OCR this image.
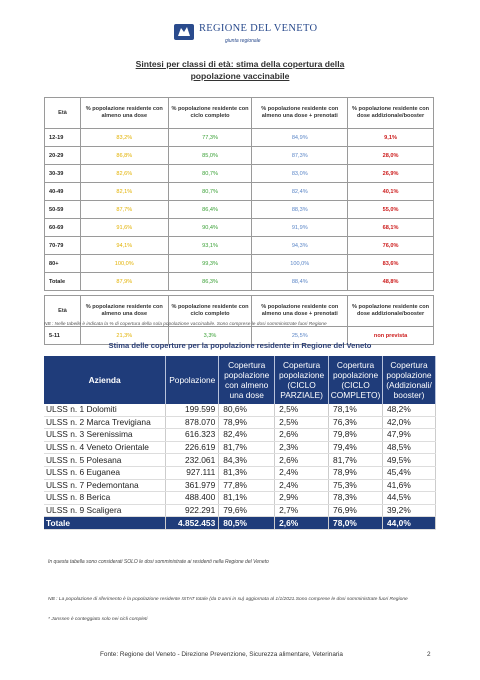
REGIONE DEL VENETO
giunta regionale
Sintesi per classi di età: stima della copertura della
popolazione vaccinabile
Età	% popolazione residente con almeno una dose	% popolazione residente con ciclo completo	% popolazione residente con almeno una dose + prenotati	% popolazione residente con dose addizionale/booster
12-19	83,2%	77,3%	84,9%	9,1%
20-29	86,8%	85,0%	87,3%	28,0%
30-39	82,6%	80,7%	83,0%	26,9%
40-49	82,1%	80,7%	82,4%	40,1%
50-59	87,7%	86,4%	88,3%	55,0%
60-69	91,6%	90,4%	91,9%	68,1%
70-79	94,1%	93,1%	94,3%	76,0%
80+	100,0%	99,3%	100,0%	83,6%
Totale	87,9%	86,3%	88,4%	48,8%

Età	% popolazione residente con almeno una dose	% popolazione residente con ciclo completo	% popolazione residente con almeno una dose + prenotati	% popolazione residente con dose addizionale/booster
5-11	21,3%	3,3%	25,5%	non prevista
NB : Nelle tabelle è indicata la % di copertura della sola popolazione vaccinabile. Sono comprese le dosi somministrate fuori Regione
Stima delle coperture per la popolazione residente in Regione del Veneto
Azienda	Popolazione	Copertura popolazione con almeno una dose	Copertura popolazione (CICLO PARZIALE)	Copertura popolazione (CICLO COMPLETO)	Copertura popolazione (Addizionali/ booster)
ULSS n. 1 Dolomiti	199.599	80,6%	2,5%	78,1%	48,2%
ULSS n. 2 Marca Trevigiana	878.070	78,9%	2,5%	76,3%	42,0%
ULSS n. 3 Serenissima	616.323	82,4%	2,6%	79,8%	47,9%
ULSS n. 4 Veneto Orientale	226.619	81,7%	2,3%	79,4%	48,5%
ULSS n. 5 Polesana	232.061	84,3%	2,6%	81,7%	49,5%
ULSS n. 6 Euganea	927.111	81,3%	2,4%	78,9%	45,4%
ULSS n. 7 Pedemontana	361.979	77,8%	2,4%	75,3%	41,6%
ULSS n. 8 Berica	488.400	81,1%	2,9%	78,3%	44,5%
ULSS n. 9 Scaligera	922.291	79,6%	2,7%	76,9%	39,2%
Totale	4.852.453	80,5%	2,6%	78,0%	44,0%
In questa tabella sono considerati SOLO le dosi somministrate ai residenti nella Regione del Veneto
NB : La popolazione di riferimento è la popolazione residente ISTAT totale (da 0 anni in su) aggiornata al 1/1/2021.Sono comprese le dosi somministrate fuori Regione
* Janssen è conteggiato solo nei cicli completi
Fonte: Regione del Veneto - Direzione Prevenzione, Sicurezza alimentare, Veterinaria	2
